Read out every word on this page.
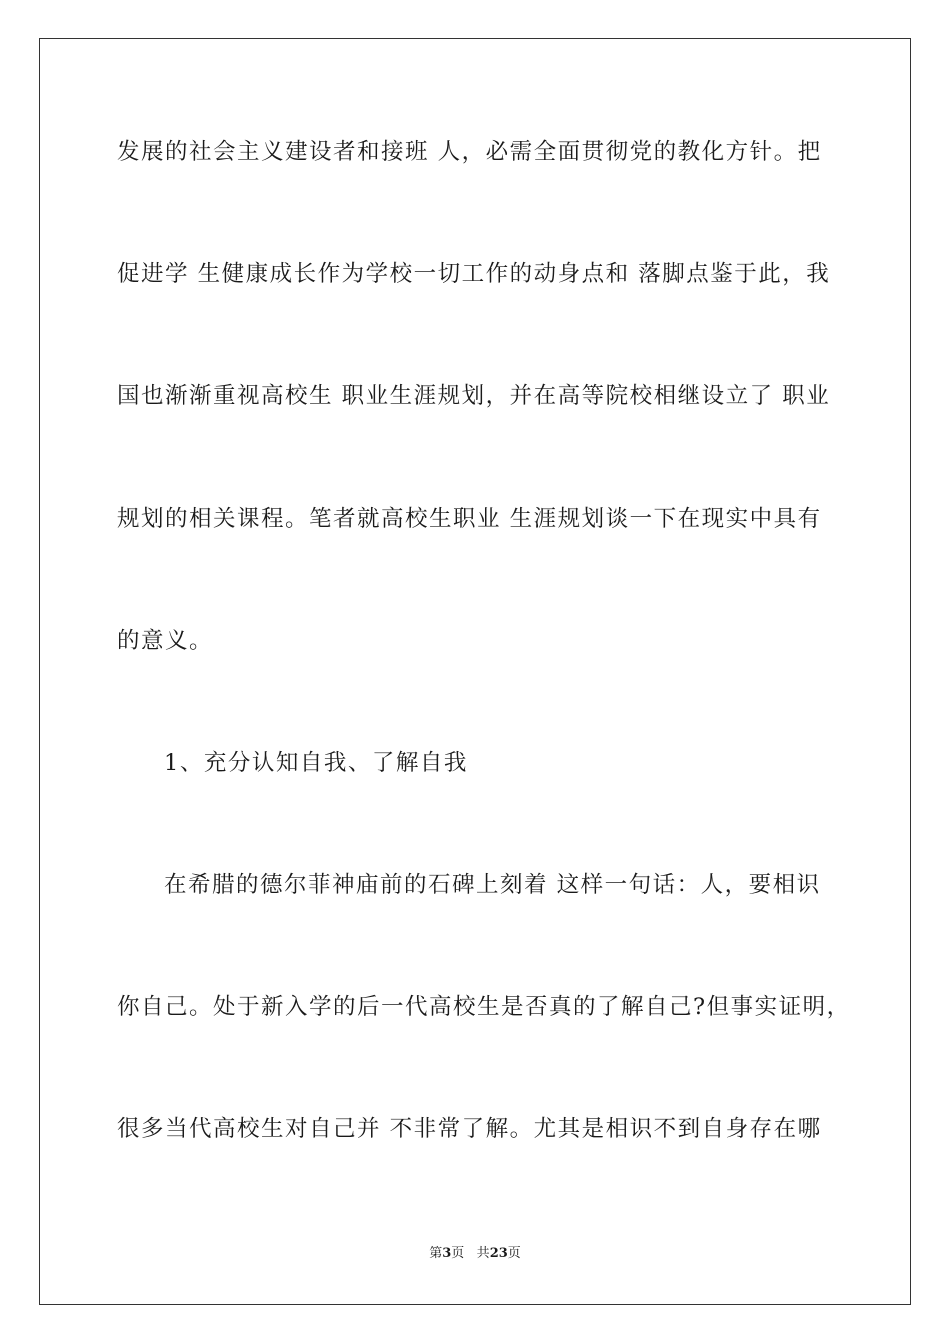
发展的社会主义建设者和接班 人，必需全面贯彻党的教化方针。把
促进学 生健康成长作为学校一切工作的动身点和 落脚点鉴于此，我
国也渐渐重视高校生 职业生涯规划，并在高等院校相继设立了 职业
规划的相关课程。笔者就高校生职业 生涯规划谈一下在现实中具有
的意义。
1、充分认知自我、了解自我
在希腊的德尔菲神庙前的石碑上刻着 这样一句话：人，要相识
你自己。处于新入学的后一代高校生是否真的了解自己?但事实证明，
很多当代高校生对自己并 不非常了解。尤其是相识不到自身存在哪
第3页 共23页
